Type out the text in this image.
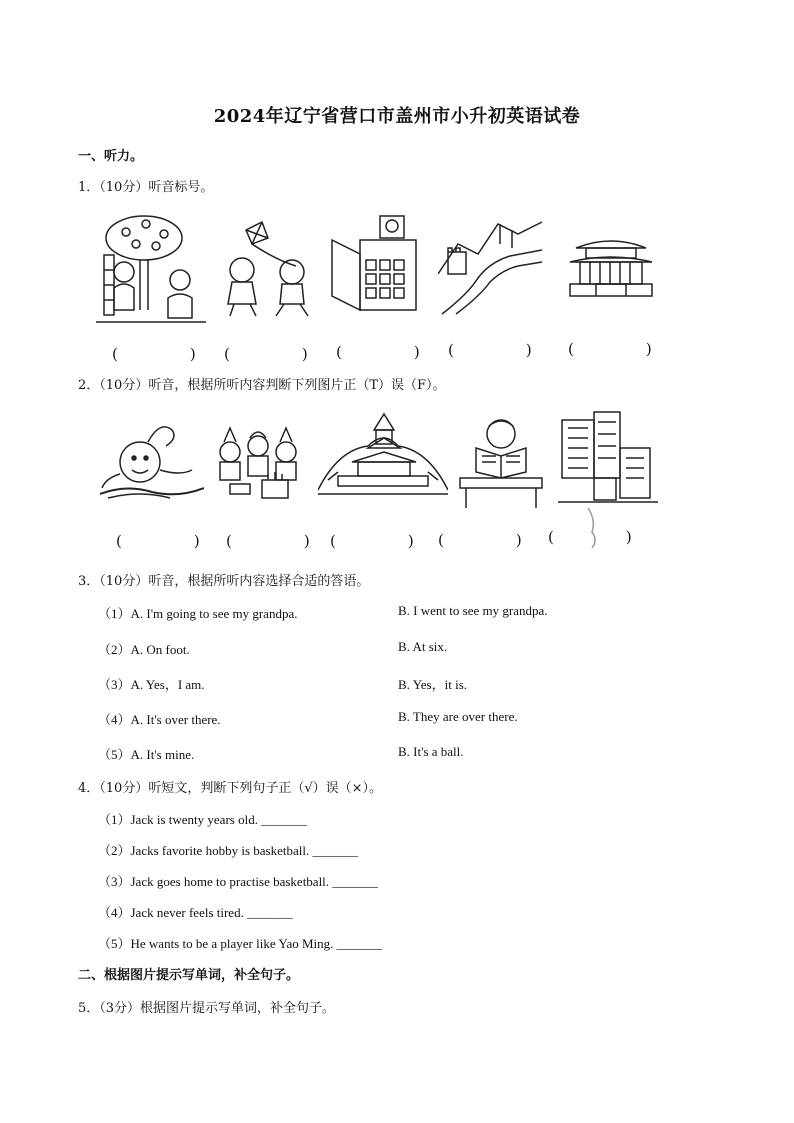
2024年辽宁省营口市盖州市小升初英语试卷
一、听力。
1．（10分）听音标号。
(　　) (　　) (　　) (　　) (　　)
2．（10分）听音，根据所听内容判断下列图片正（T）误（F）。
(　　) (　　) (　　) (　　) (　　)
3．（10分）听音，根据所听内容选择合适的答语。
（1）A. I'm going to see my grandpa.	B. I went to see my grandpa.
（2）A. On foot.	B. At six.
（3）A. Yes，I am.	B. Yes，it is.
（4）A. It's over there.	B. They are over there.
（5）A. It's mine.	B. It's a ball.
4．（10分）听短文，判断下列句子正（√）误（×）。
（1）Jack is twenty years old. _______
（2）Jacks favorite hobby is basketball. _______
（3）Jack goes home to practise basketball. _______
（4）Jack never feels tired. _______
（5）He wants to be a player like Yao Ming. _______
二、根据图片提示写单词，补全句子。
5．（3分）根据图片提示写单词，补全句子。
